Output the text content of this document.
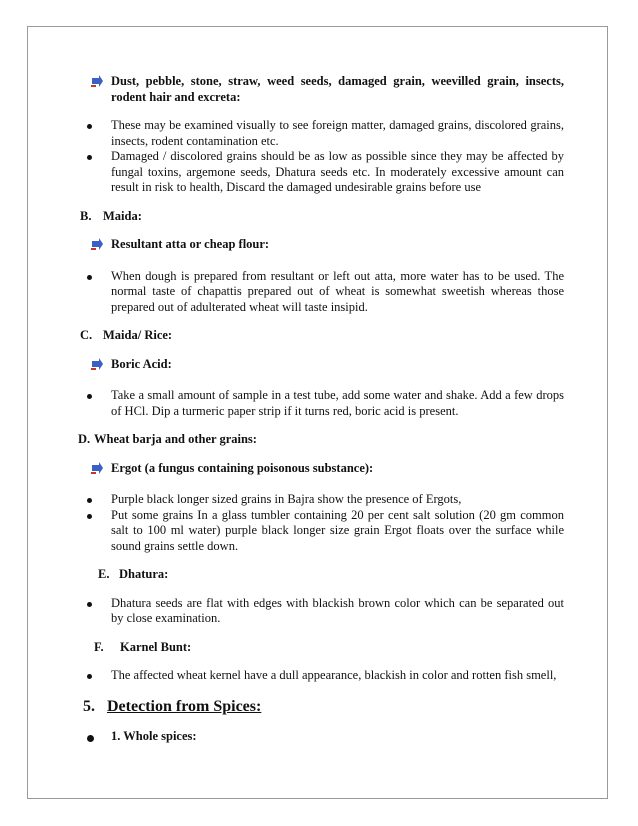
Dust, pebble, stone, straw, weed seeds, damaged grain, weevilled grain, insects, rodent hair and excreta:

These may be examined visually to see foreign matter, damaged grains, discolored grains, insects, rodent contamination etc.

Damaged / discolored grains should be as low as possible since they may be affected by fungal toxins, argemone seeds, Dhatura seeds etc. In moderately excessive amount can result in risk to health, Discard the damaged undesirable grains before use

B. Maida:

Resultant atta or cheap flour:

When dough is prepared from resultant or left out atta, more water has to be used. The normal taste of chapattis prepared out of wheat is somewhat sweetish whereas those prepared out of adulterated wheat will taste insipid.

C. Maida/ Rice:

Boric Acid:

Take a small amount of sample in a test tube, add some water and shake. Add a few drops of HCl. Dip a turmeric paper strip if it turns red, boric acid is present.

D. Wheat barja and other grains:

Ergot (a fungus containing poisonous substance):

Purple black longer sized grains in Bajra show the presence of Ergots,

Put some grains In a glass tumbler containing 20 per cent salt solution (20 gm common salt to 100 ml water) purple black longer size grain Ergot floats over the surface while sound grains settle down.

E. Dhatura:

Dhatura seeds are flat with edges with blackish brown color which can be separated out by close examination.

F.	Karnel Bunt:

The affected wheat kernel have a dull appearance, blackish in color and rotten fish smell,

5. Detection from Spices:

1. Whole spices:
